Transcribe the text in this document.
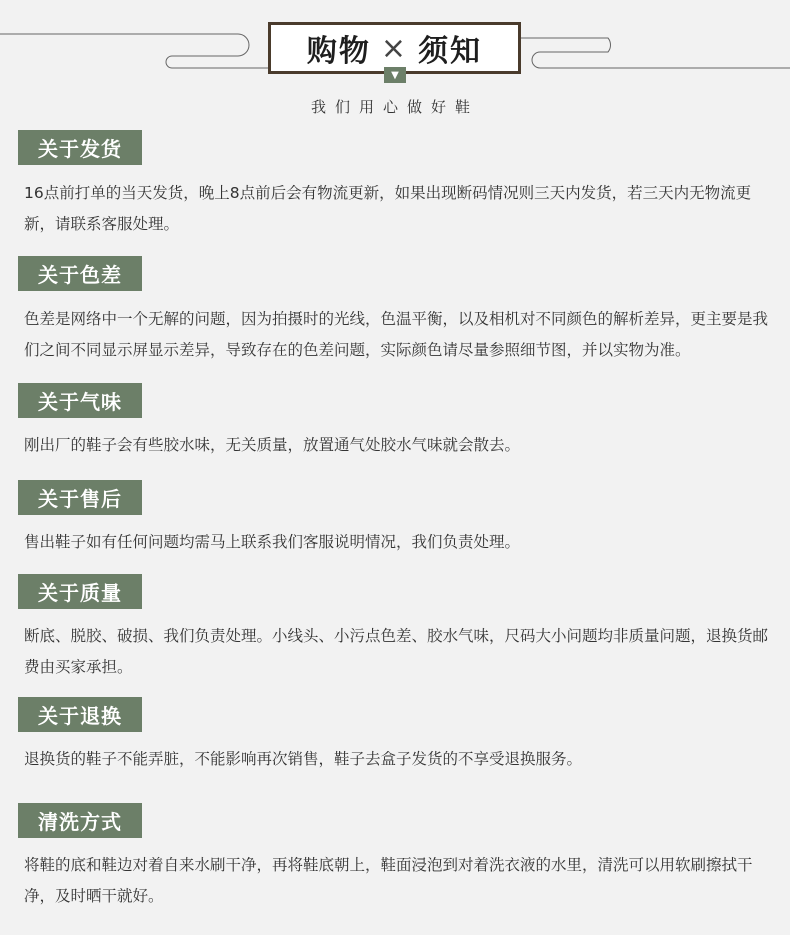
购物 × 须知
▼
我们用心做好鞋
关于发货
16点前打单的当天发货，晚上8点前后会有物流更新，如果出现断码情况则三天内发货，若三天内无物流更新，请联系客服处理。
关于色差
色差是网络中一个无解的问题，因为拍摄时的光线，色温平衡，以及相机对不同颜色的解析差异，更主要是我们之间不同显示屏显示差异，导致存在的色差问题，实际颜色请尽量参照细节图，并以实物为准。
关于气味
刚出厂的鞋子会有些胶水味，无关质量，放置通气处胶水气味就会散去。
关于售后
售出鞋子如有任何问题均需马上联系我们客服说明情况，我们负责处理。
关于质量
断底、脱胶、破损、我们负责处理。小线头、小污点色差、胶水气味，尺码大小问题均非质量问题，退换货邮费由买家承担。
关于退换
退换货的鞋子不能弄脏，不能影响再次销售，鞋子去盒子发货的不享受退换服务。
清洗方式
将鞋的底和鞋边对着自来水刷干净，再将鞋底朝上，鞋面浸泡到对着洗衣液的水里，清洗可以用软刷擦拭干净，及时晒干就好。
